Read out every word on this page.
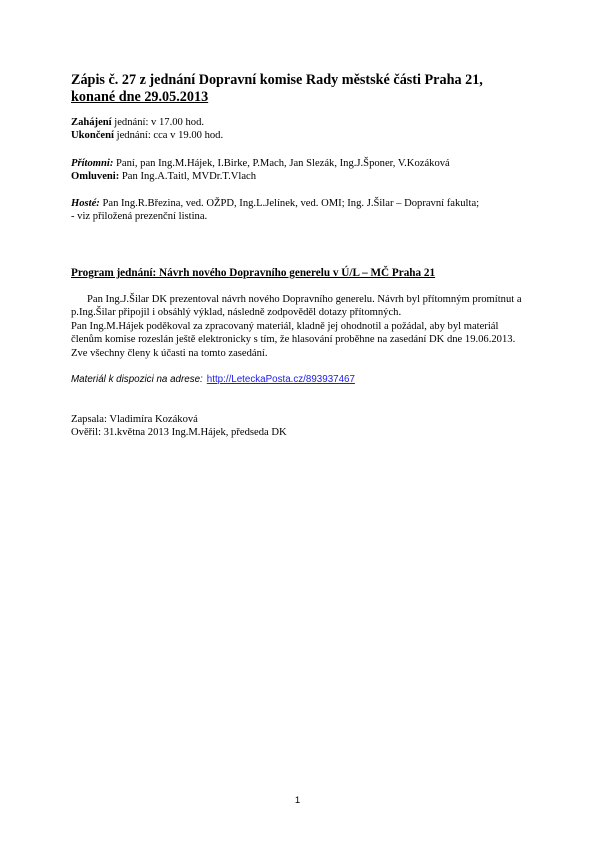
Zápis č. 27 z jednání Dopravní komise Rady městské části Praha 21,
konané dne 29.05.2013
Zahájení jednání: v 17.00 hod.
Ukončení jednání: cca v 19.00 hod.
Přítomni: Paní, pan Ing.M.Hájek, I.Birke, P.Mach, Jan Slezák, Ing.J.Šponer, V.Kozáková
Omluveni: Pan Ing.A.Taitl, MVDr.T.Vlach
Hosté: Pan Ing.R.Březina, ved. OŽPD, Ing.L.Jelínek, ved. OMI; Ing. J.Šilar – Dopravní fakulta;
- viz přiložená prezenční listina.
Program jednání: Návrh nového Dopravního generelu v Ú/L – MČ Praha 21

Pan Ing.J.Šilar DK prezentoval návrh nového Dopravního generelu. Návrh byl přítomným promítnut a p.Ing.Šilar připojil i obsáhlý výklad, následně zodpověděl dotazy přítomných.

Pan Ing.M.Hájek poděkoval za zpracovaný materiál, kladně jej ohodnotil a požádal, aby byl materiál členům komise rozeslán ještě elektronicky s tím, že hlasování proběhne na zasedání DK dne 19.06.2013. Zve všechny členy k účasti na tomto zasedání.

Materiál k dispozici na adrese: http://LeteckaPosta.cz/893937467
Zapsala: Vladimíra Kozáková
Ověřil: 31.května 2013 Ing.M.Hájek, předseda DK
1
